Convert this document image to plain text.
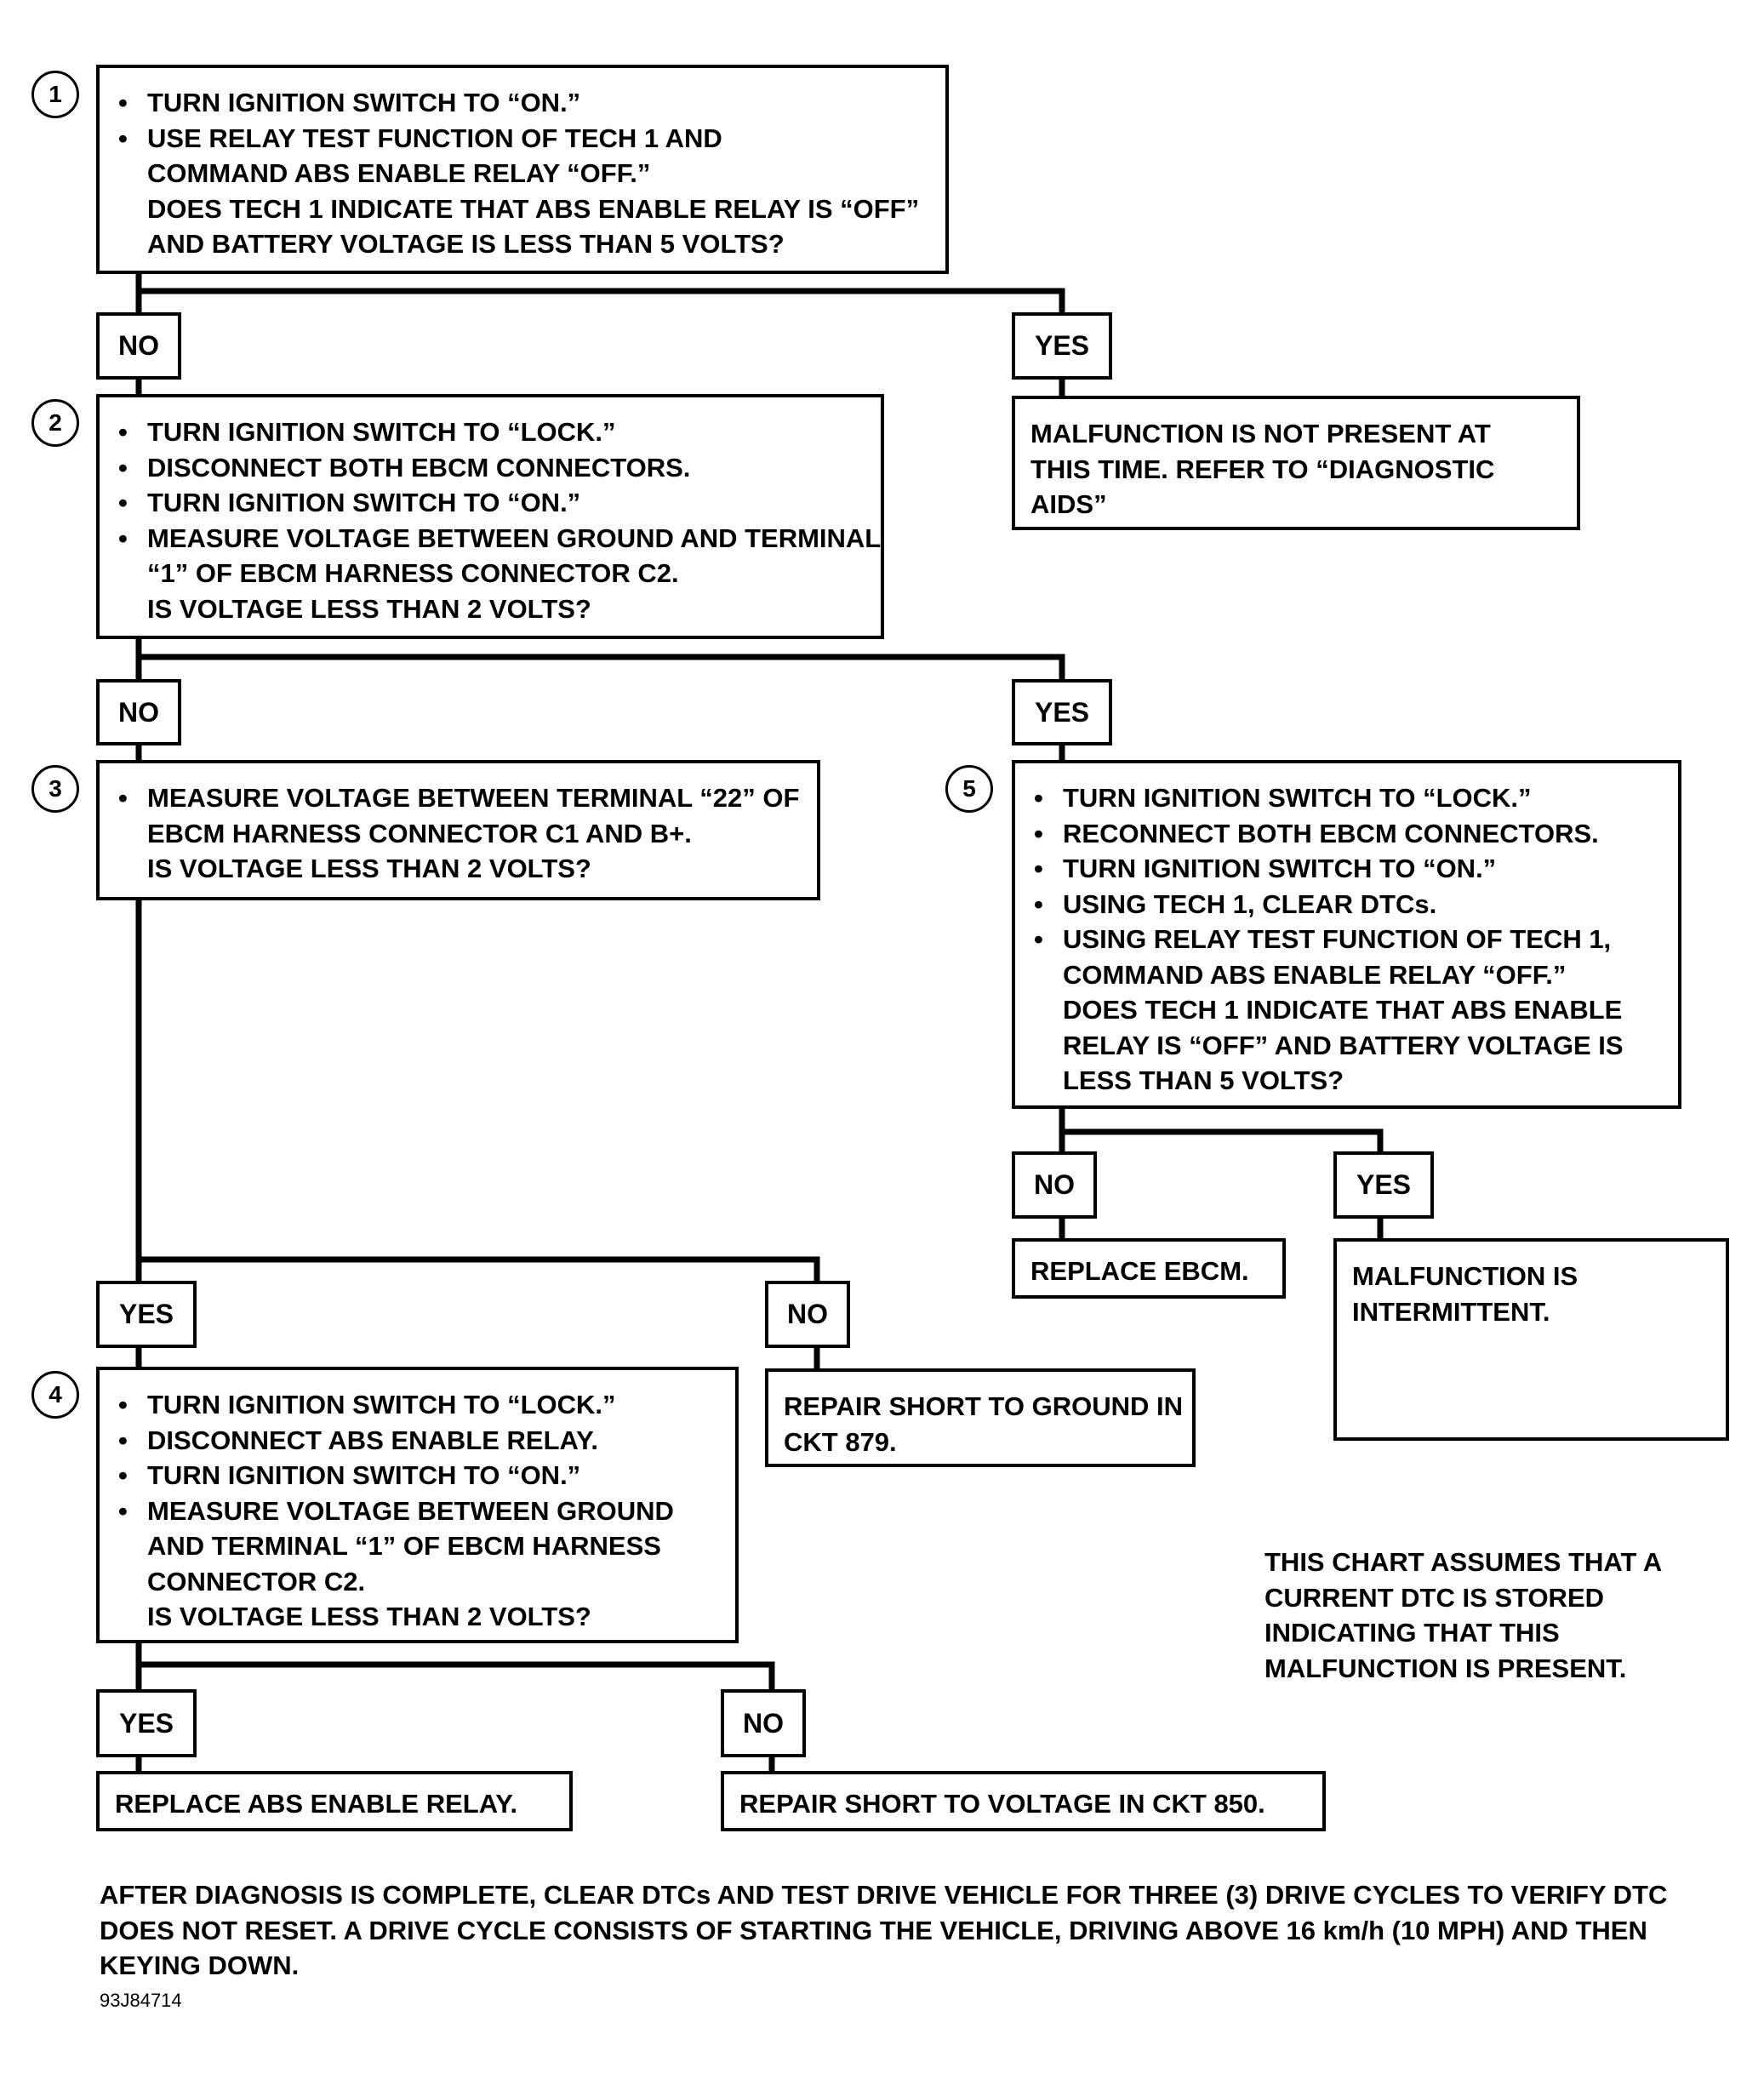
1	• TURN IGNITION SWITCH TO “ON.”
• USE RELAY TEST FUNCTION OF TECH 1 AND COMMAND ABS ENABLE RELAY “OFF.”
DOES TECH 1 INDICATE THAT ABS ENABLE RELAY IS “OFF” AND BATTERY VOLTAGE IS LESS THAN 5 VOLTS?
NO	YES
MALFUNCTION IS NOT PRESENT AT THIS TIME. REFER TO “DIAGNOSTIC AIDS”
2	• TURN IGNITION SWITCH TO “LOCK.”
• DISCONNECT BOTH EBCM CONNECTORS.
• TURN IGNITION SWITCH TO “ON.”
• MEASURE VOLTAGE BETWEEN GROUND AND TERMINAL “1” OF EBCM HARNESS CONNECTOR C2.
IS VOLTAGE LESS THAN 2 VOLTS?
NO	YES
3	• MEASURE VOLTAGE BETWEEN TERMINAL “22” OF EBCM HARNESS CONNECTOR C1 AND B+.
IS VOLTAGE LESS THAN 2 VOLTS?
5	• TURN IGNITION SWITCH TO “LOCK.”
• RECONNECT BOTH EBCM CONNECTORS.
• TURN IGNITION SWITCH TO “ON.”
• USING TECH 1, CLEAR DTCs.
• USING RELAY TEST FUNCTION OF TECH 1, COMMAND ABS ENABLE RELAY “OFF.”
DOES TECH 1 INDICATE THAT ABS ENABLE RELAY IS “OFF” AND BATTERY VOLTAGE IS LESS THAN 5 VOLTS?
NO	YES
REPLACE EBCM.	MALFUNCTION IS INTERMITTENT.
YES	NO
REPAIR SHORT TO GROUND IN CKT 879.
4	• TURN IGNITION SWITCH TO “LOCK.”
• DISCONNECT ABS ENABLE RELAY.
• TURN IGNITION SWITCH TO “ON.”
• MEASURE VOLTAGE BETWEEN GROUND AND TERMINAL “1” OF EBCM HARNESS CONNECTOR C2.
IS VOLTAGE LESS THAN 2 VOLTS?
THIS CHART ASSUMES THAT A CURRENT DTC IS STORED INDICATING THAT THIS MALFUNCTION IS PRESENT.
YES	NO
REPLACE ABS ENABLE RELAY.	REPAIR SHORT TO VOLTAGE IN CKT 850.
AFTER DIAGNOSIS IS COMPLETE, CLEAR DTCs AND TEST DRIVE VEHICLE FOR THREE (3) DRIVE CYCLES TO VERIFY DTC DOES NOT RESET. A DRIVE CYCLE CONSISTS OF STARTING THE VEHICLE, DRIVING ABOVE 16 km/h (10 MPH) AND THEN KEYING DOWN.
93J84714
